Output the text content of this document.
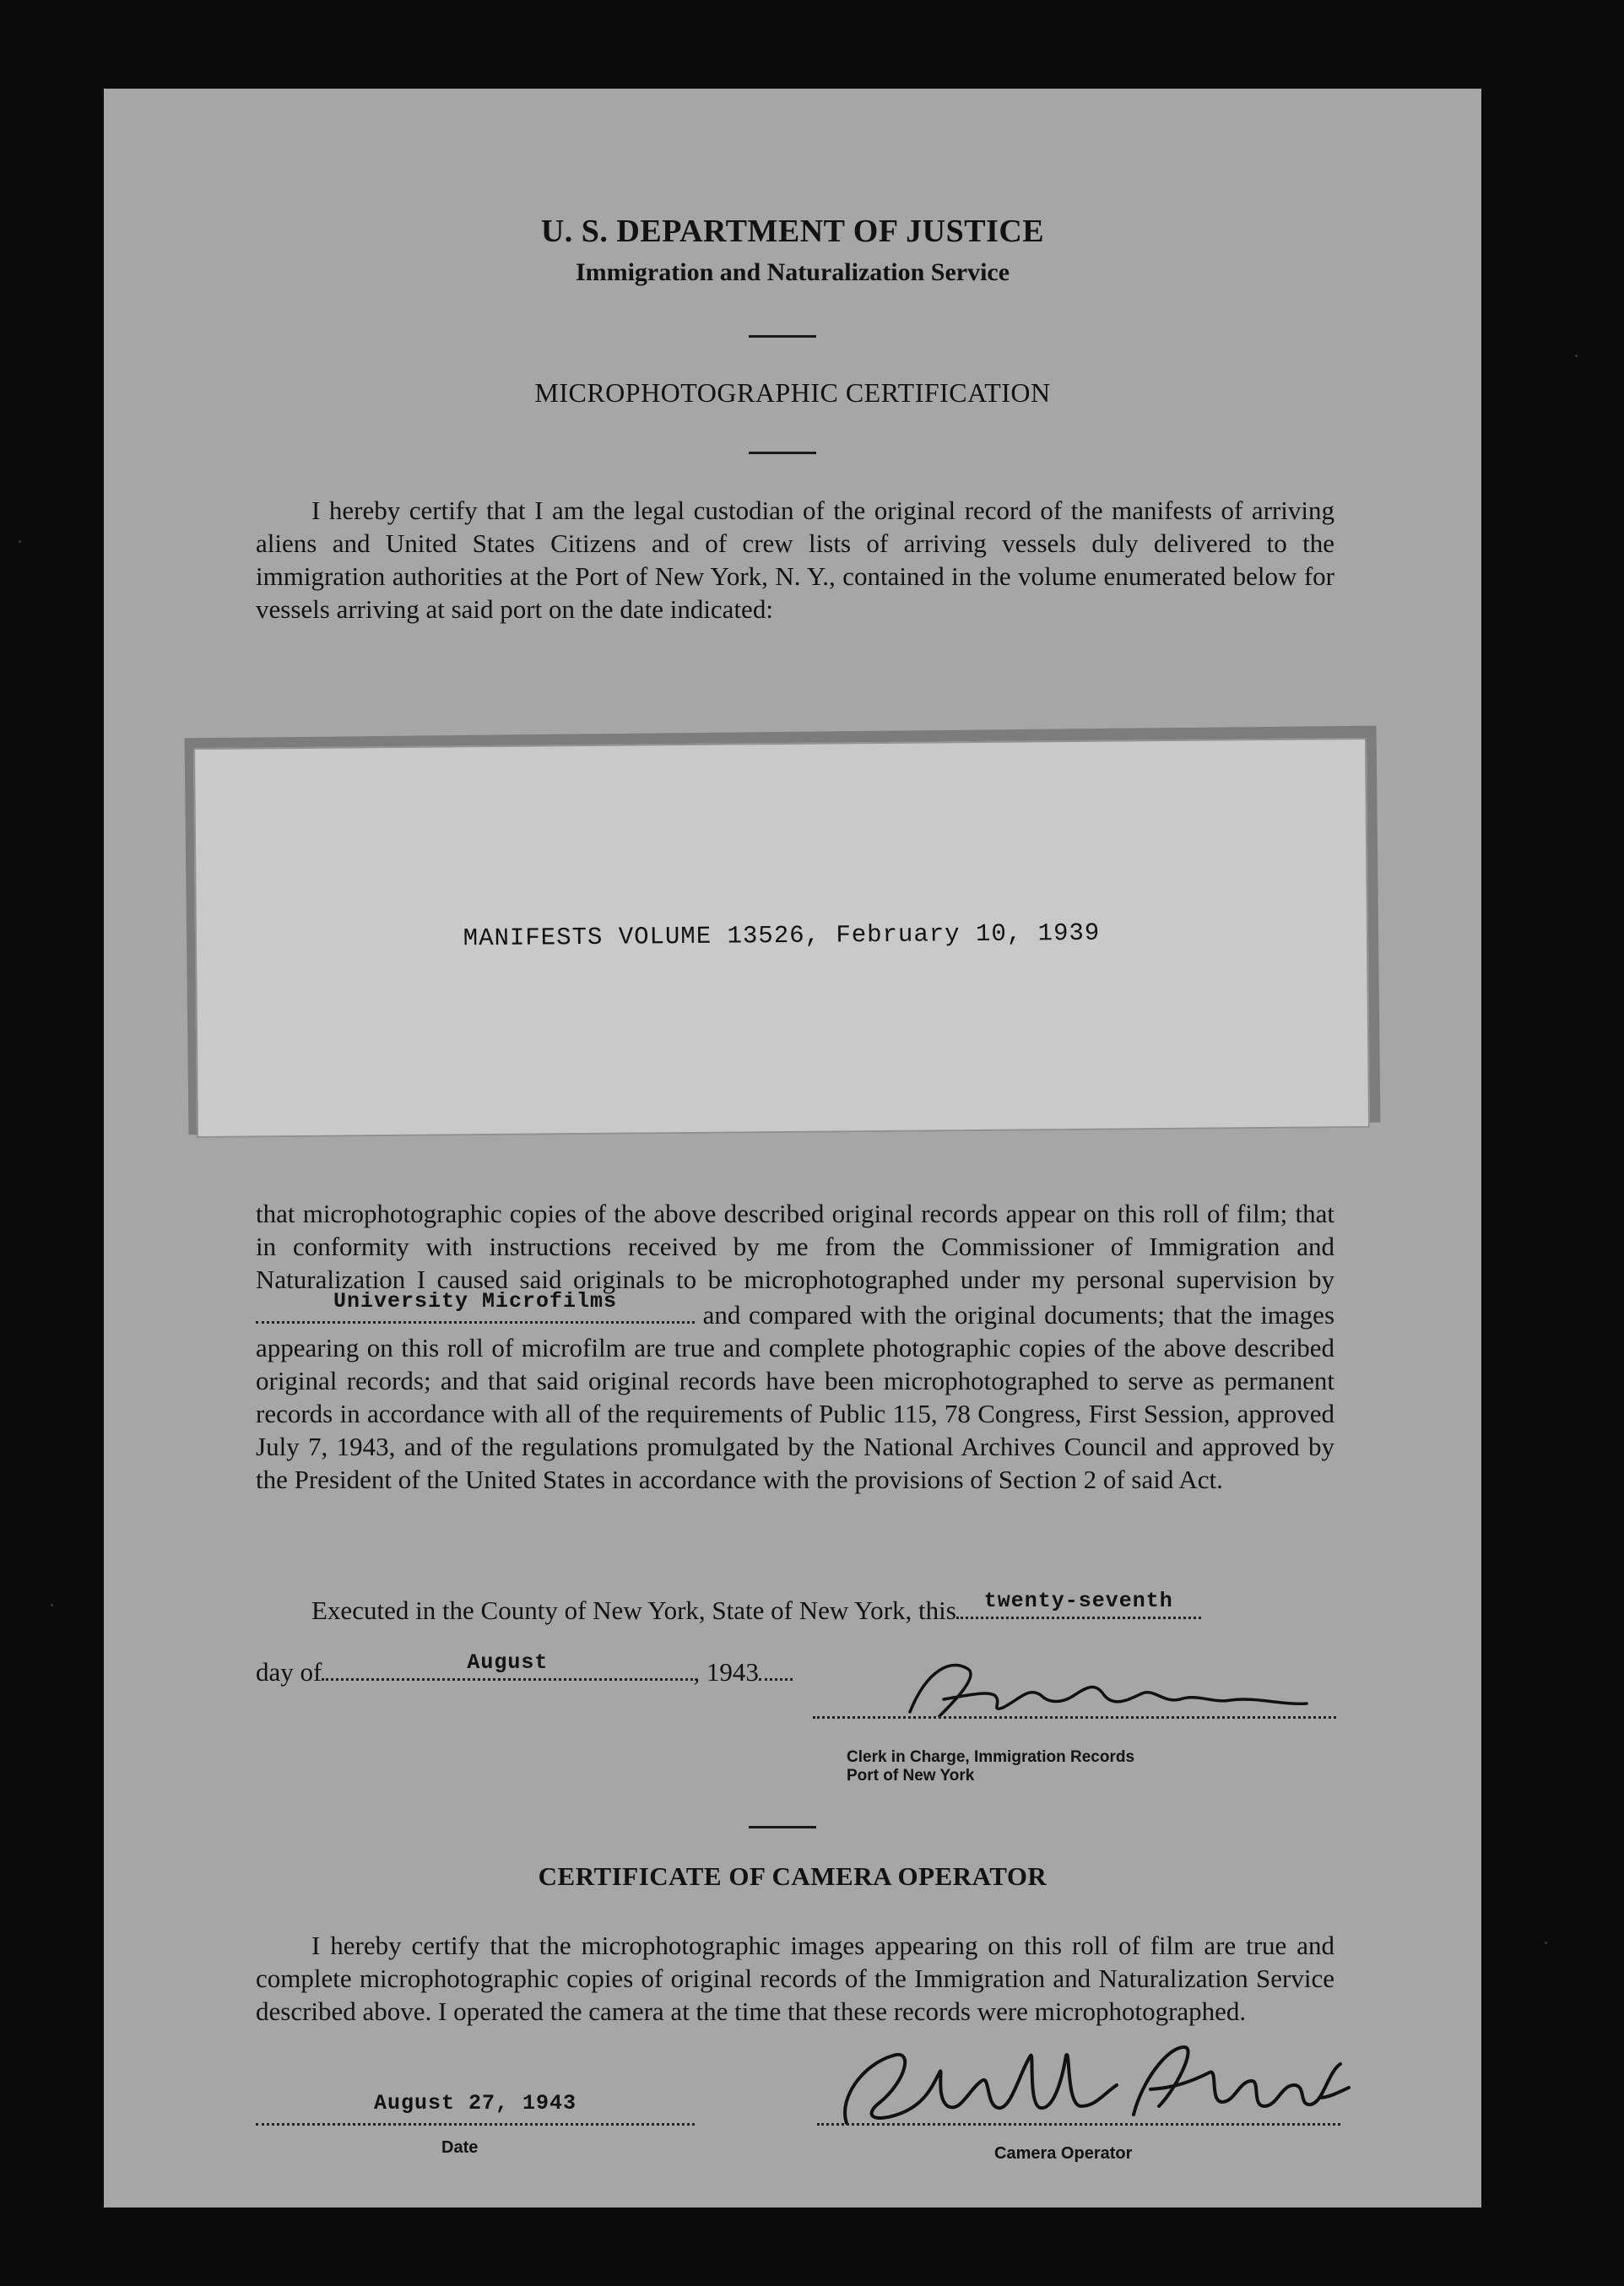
U. S. DEPARTMENT OF JUSTICE
Immigration and Naturalization Service
MICROPHOTOGRAPHIC CERTIFICATION
I hereby certify that I am the legal custodian of the original record of the manifests of arriving aliens and United States Citizens and of crew lists of arriving vessels duly delivered to the immigration authorities at the Port of New York, N. Y., contained in the volume enumerated below for vessels arriving at said port on the date indicated:
MANIFESTS VOLUME 13526, February 10, 1939
that microphotographic copies of the above described original records appear on this roll of film; that in conformity with instructions received by me from the Commissioner of Immigration and Naturalization I caused said originals to be microphotographed under my personal supervision by
University Microfilms	and compared with the original documents; that the images appearing on this roll of microfilm are true and complete photographic copies of the above described original records; and that said original records have been microphotographed to serve as permanent records in accordance with all of the requirements of Public 115, 78 Congress, First Session, approved July 7, 1943, and of the regulations promulgated by the National Archives Council and approved by the President of the United States in accordance with the provisions of Section 2 of said Act.
Executed in the County of New York, State of New York, this	twenty-seventh
day of	August	, 1943
Clerk in Charge, Immigration Records
Port of New York
CERTIFICATE OF CAMERA OPERATOR
I hereby certify that the microphotographic images appearing on this roll of film are true and complete microphotographic copies of original records of the Immigration and Naturalization Service described above. I operated the camera at the time that these records were microphotographed.
August 27, 1943
Date	Camera Operator
